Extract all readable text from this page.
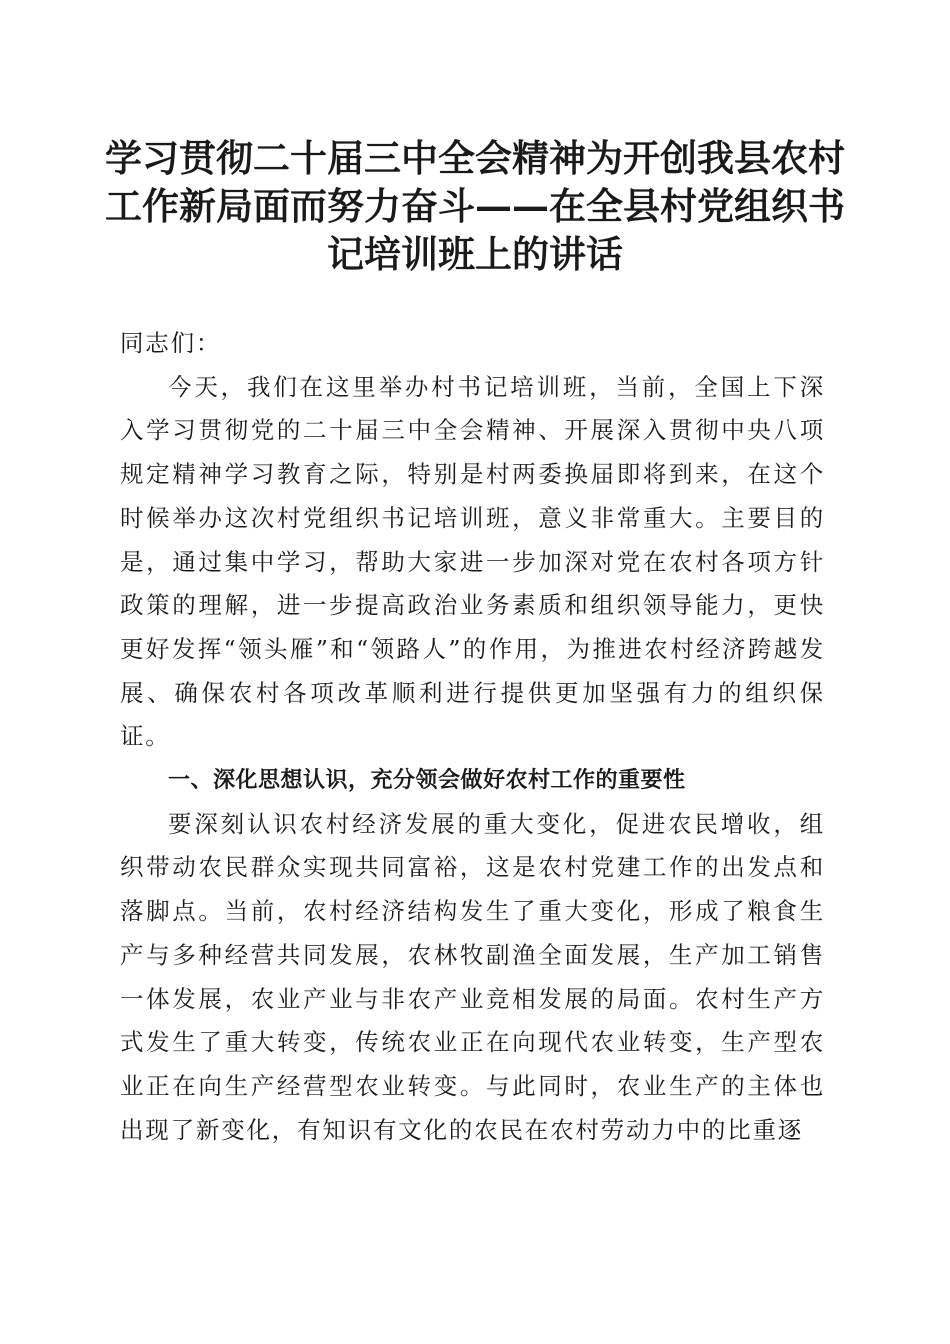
学习贯彻二十届三中全会精神为开创我县农村工作新局面而努力奋斗——在全县村党组织书记培训班上的讲话

同志们：

今天，我们在这里举办村书记培训班，当前，全国上下深入学习贯彻党的二十届三中全会精神、开展深入贯彻中央八项规定精神学习教育之际，特别是村两委换届即将到来，在这个时候举办这次村党组织书记培训班，意义非常重大。主要目的是，通过集中学习，帮助大家进一步加深对党在农村各项方针政策的理解，进一步提高政治业务素质和组织领导能力，更快更好发挥“领头雁”和“领路人”的作用，为推进农村经济跨越发展、确保农村各项改革顺利进行提供更加坚强有力的组织保证。

一、深化思想认识，充分领会做好农村工作的重要性

要深刻认识农村经济发展的重大变化，促进农民增收，组织带动农民群众实现共同富裕，这是农村党建工作的出发点和落脚点。当前，农村经济结构发生了重大变化，形成了粮食生产与多种经营共同发展，农林牧副渔全面发展，生产加工销售一体发展，农业产业与非农产业竞相发展的局面。农村生产方式发生了重大转变，传统农业正在向现代农业转变，生产型农业正在向生产经营型农业转变。与此同时，农业生产的主体也出现了新变化，有知识有文化的农民在农村劳动力中的比重逐
